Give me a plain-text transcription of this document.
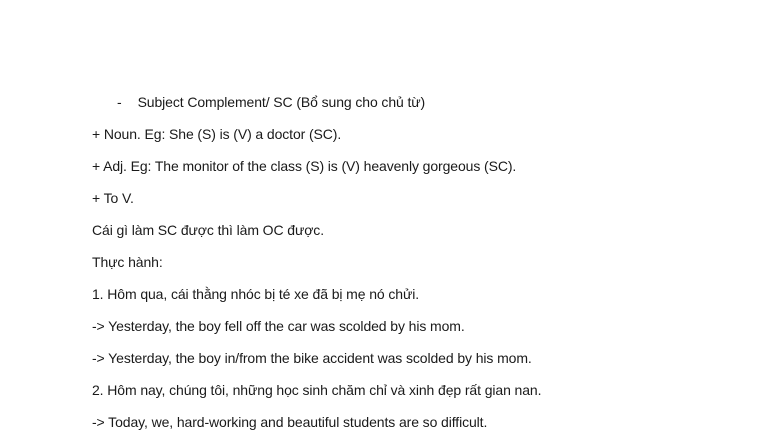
- Subject Complement/ SC (Bổ sung cho chủ từ)
+ Noun. Eg: She (S) is (V) a doctor (SC).
+ Adj. Eg: The monitor of the class (S) is (V) heavenly gorgeous (SC).
+ To V.
Cái gì làm SC được thì làm OC được.
Thực hành:
1. Hôm qua, cái thằng nhóc bị té xe đã bị mẹ nó chửi.
-> Yesterday, the boy fell off the car was scolded by his mom.
-> Yesterday, the boy in/from the bike accident was scolded by his mom.
2. Hôm nay, chúng tôi, những học sinh chăm chỉ và xinh đẹp rất gian nan.
-> Today, we, hard-working and beautiful students are so difficult.
